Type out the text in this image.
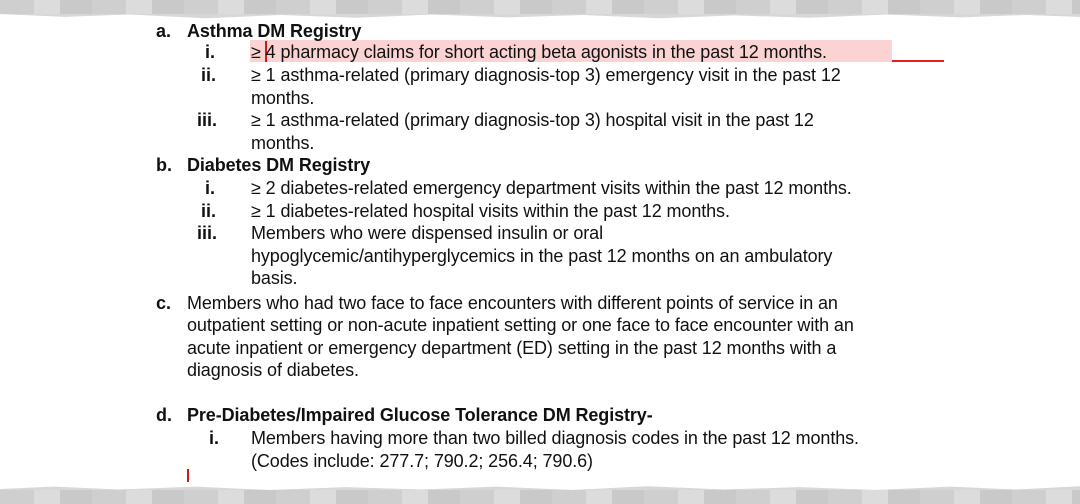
a. Asthma DM Registry
i. ≥ 4 pharmacy claims for short acting beta agonists in the past 12 months.
ii. ≥ 1 asthma-related (primary diagnosis-top 3) emergency visit in the past 12
months.
iii. ≥ 1 asthma-related (primary diagnosis-top 3) hospital visit in the past 12
months.
b. Diabetes DM Registry
i. ≥ 2 diabetes-related emergency department visits within the past 12 months.
ii. ≥ 1 diabetes-related hospital visits within the past 12 months.
iii. Members who were dispensed insulin or oral
hypoglycemic/antihyperglycemics in the past 12 months on an ambulatory
basis.
c. Members who had two face to face encounters with different points of service in an
outpatient setting or non-acute inpatient setting or one face to face encounter with an
acute inpatient or emergency department (ED) setting in the past 12 months with a
diagnosis of diabetes.
d. Pre-Diabetes/Impaired Glucose Tolerance DM Registry-
i. Members having more than two billed diagnosis codes in the past 12 months.
(Codes include: 277.7; 790.2; 256.4; 790.6)
